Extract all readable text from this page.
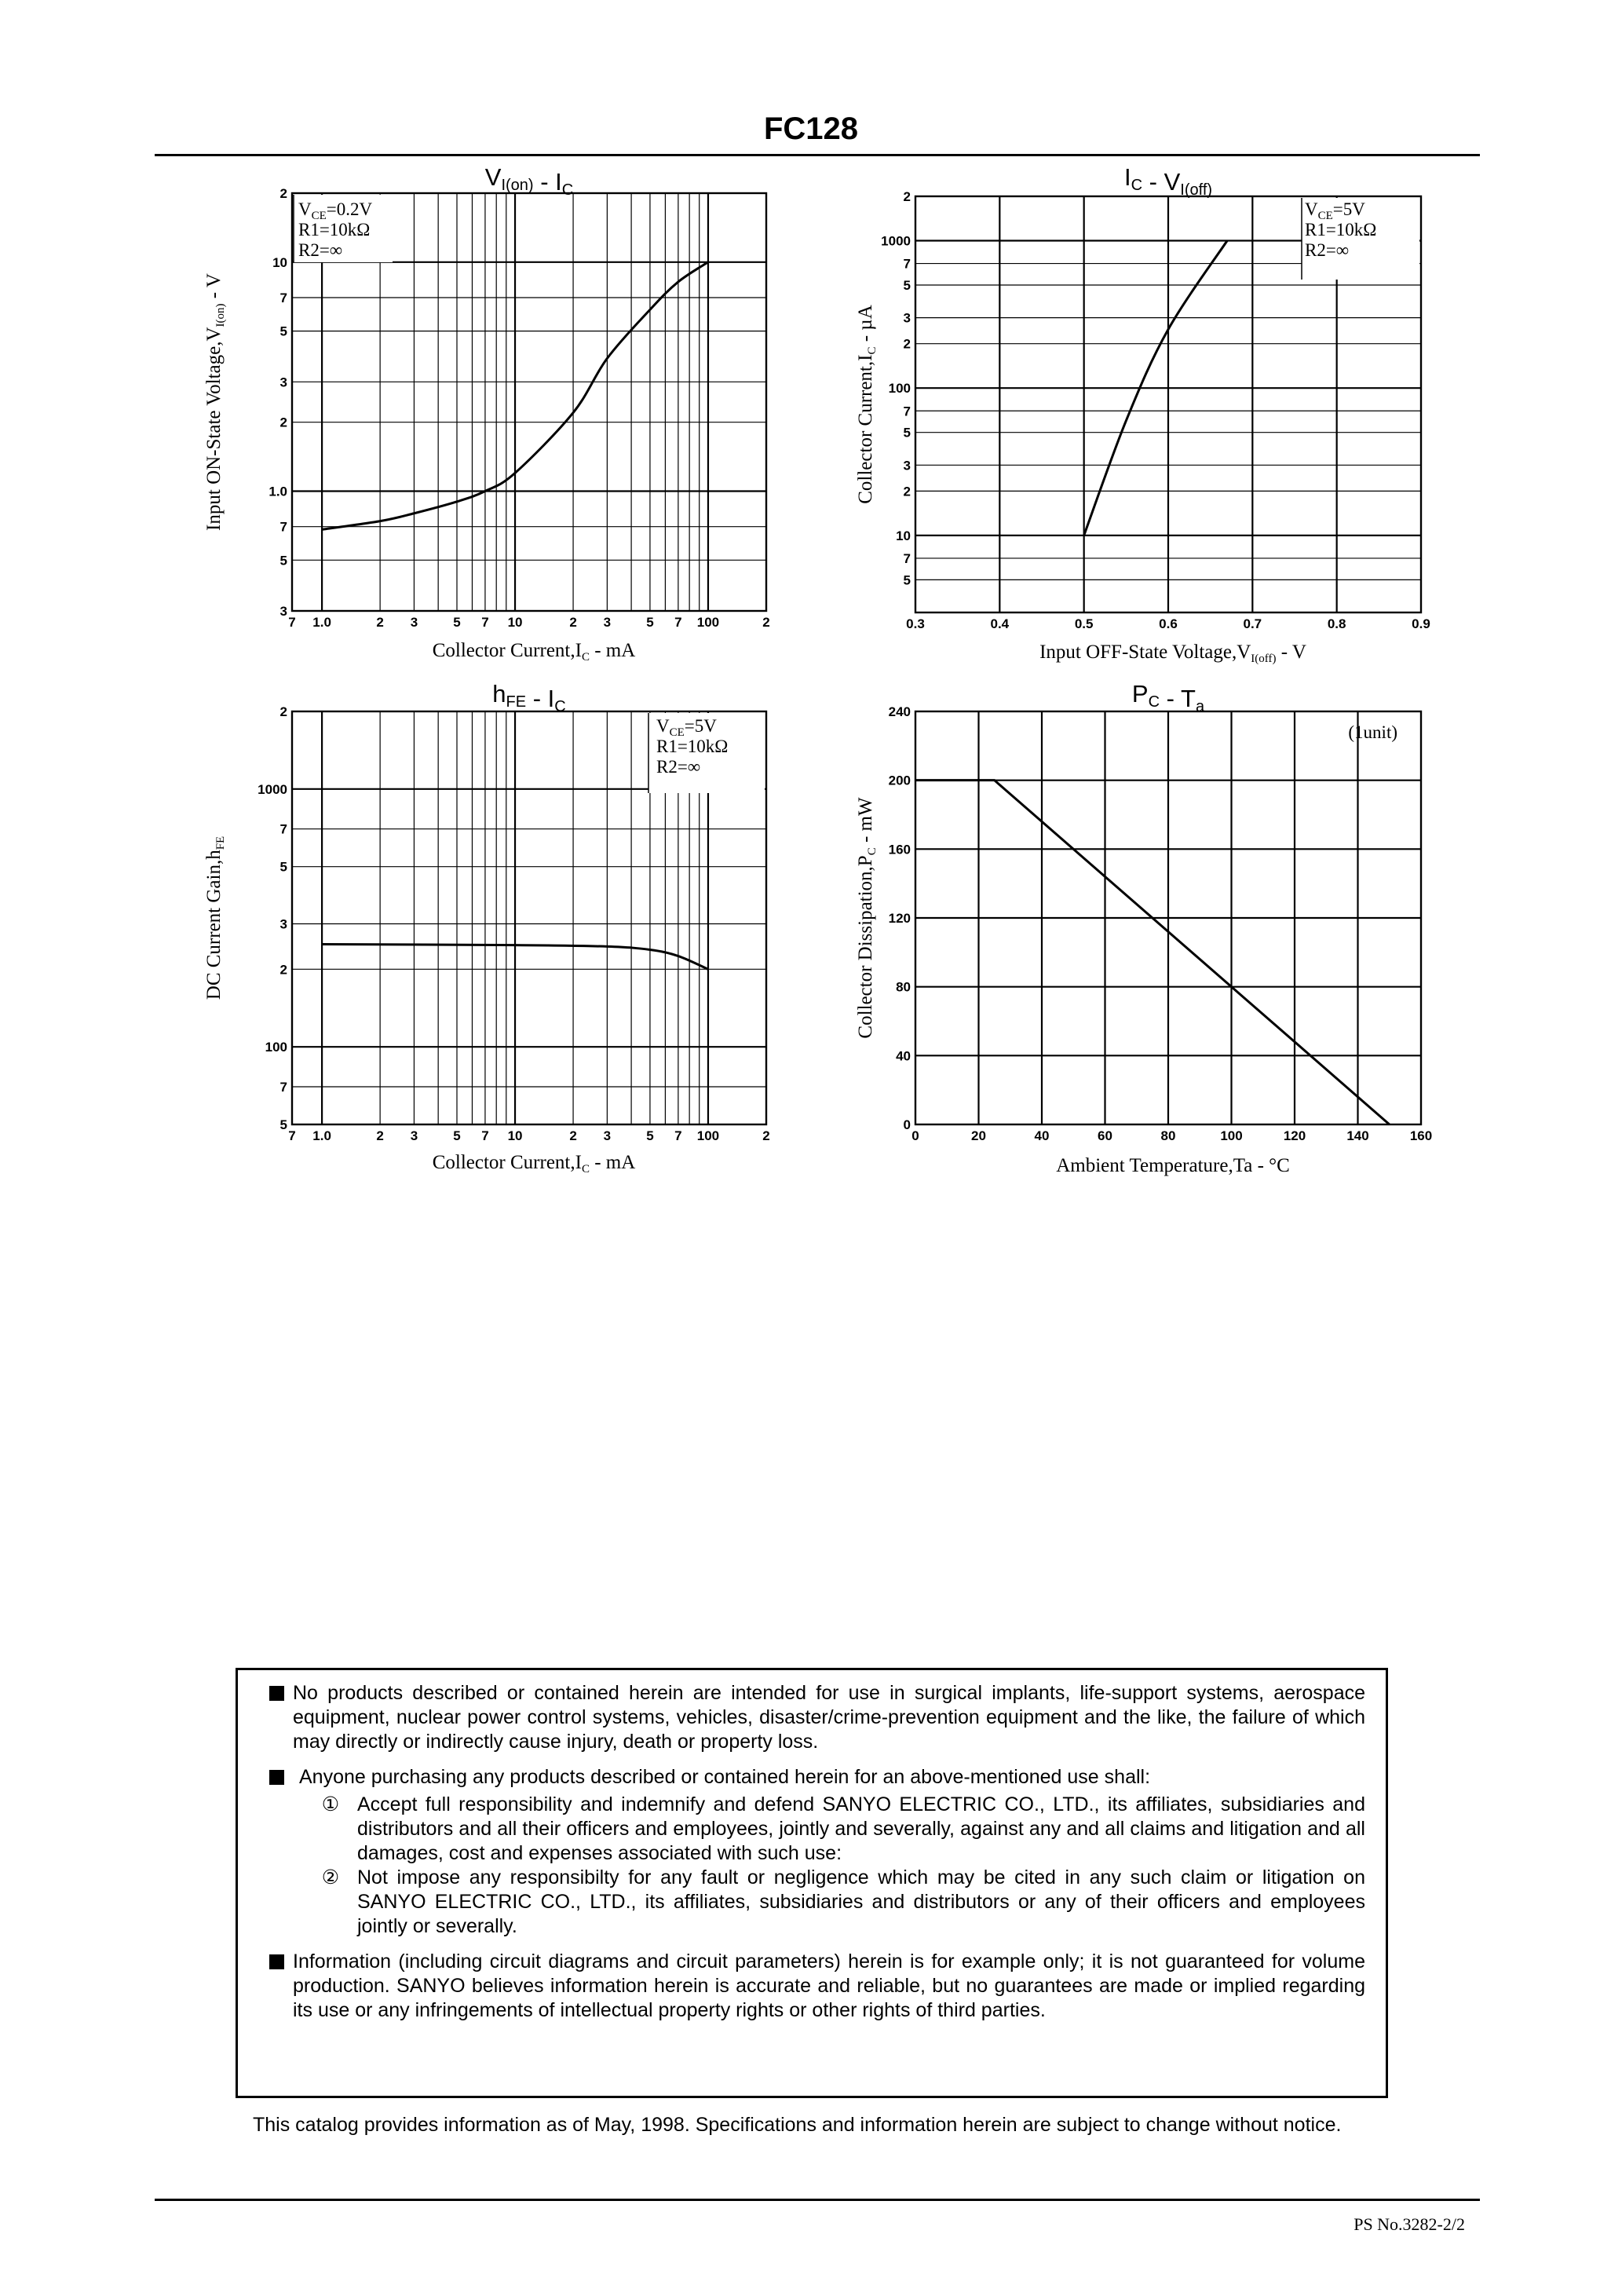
FC128
$V_{CE}=0.2V$
R1=10kΩ
R2=∞
7 1.0	2 3	5 7 10	2 3	5 7 100	2
3
5
7
1.0
2
3
5
7
10
2
VI(on) - IC
Collector $Current,I_C$ - mA
Input ON-State $Voltage,V_{I(on)}$ - V
$V_{CE}=5V$
R1=10kΩ
R2=∞
0.3	0.4	0.5	0.6	0.7	0.8	0.9
5
7
10
2
3
5
7
100
2
3
5
7
1000
2
IC - VI(off)
Input OFF-State $Voltage,V_{I(off)}$ - V
Collector $Current,I_C$ - µA
$V_{CE}=5V$
R1=10kΩ
R2=∞
7 1.0	2 3	5 7 10	2 3	5 7 100	2
5
7
100
2
3
5
7
1000
2
hFE - IC
Collector $Current,I_C$ - mA
DC Current $Gain,h_{FE}$
(1unit)
0	20	40	60	80	100	120	140	160
0
40
80
120
160
200
240
PC - Ta
Ambient Temperature,Ta - °C
Collector $Dissipation,P_C$ - mW
No products described or contained herein are intended for use in surgical implants, life-support systems, aerospace equipment, nuclear power control systems, vehicles, disaster/crime-prevention equipment and the like, the failure of which may directly or indirectly cause injury, death or property loss.
Anyone purchasing any products described or contained herein for an above-mentioned use shall:
① Accept full responsibility and indemnify and defend SANYO ELECTRIC CO., LTD., its affiliates, subsidiaries and distributors and all their officers and employees, jointly and severally, against any and all claims and litigation and all damages, cost and expenses associated with such use:
② Not impose any responsibilty for any fault or negligence which may be cited in any such claim or litigation on SANYO ELECTRIC CO., LTD., its affiliates, subsidiaries and distributors or any of their officers and employees jointly or severally.
Information (including circuit diagrams and circuit parameters) herein is for example only; it is not guaranteed for volume production. SANYO believes information herein is accurate and reliable, but no guarantees are made or implied regarding its use or any infringements of intellectual property rights or other rights of third parties.
This catalog provides information as of May, 1998. Specifications and information herein are subject to change without notice.
PS No.3282-2/2
